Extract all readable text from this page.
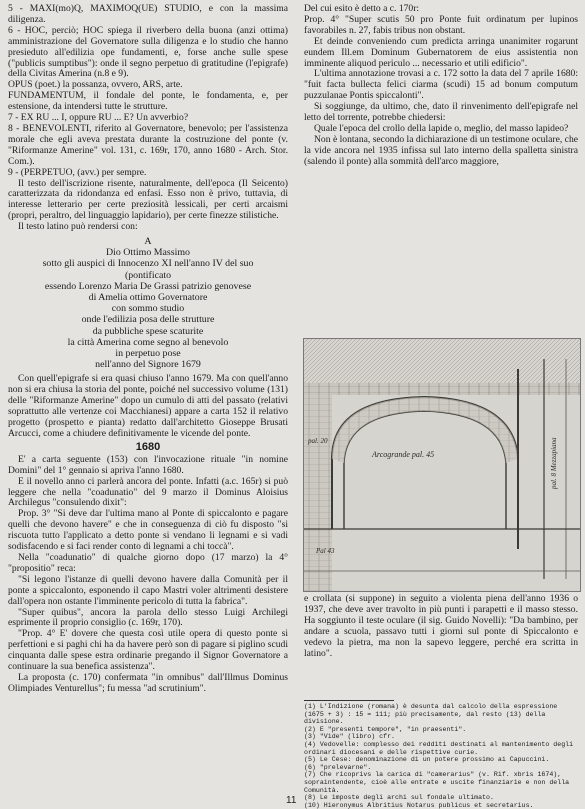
5 - MAXI(mo)Q, MAXIMOQ(UE) STUDIO, e con la massima diligenza.

6 - HOC, perciò; HOC spiega il riverbero della buona (anzi ottima) amministrazione del Governatore sulla diligenza e lo studio che hanno presieduto all'edilizia ope fundamenti, e, forse anche sulle spese ("publicis sumptibus"): onde il segno perpetuo di gratitudine (l'epigrafe) della Civitas Amerina (n.8 e 9).

OPUS (poet.) la possanza, ovvero, ARS, arte.

FUNDAMENTUM, il fondale del ponte, le fondamenta, e, per estensione, da intendersi tutte le strutture.

7 - EX RU ... I, oppure RU ... E? Un avverbio?

8 - BENEVOLENTI, riferito al Governatore, benevolo; per l'assistenza morale che egli aveva prestata durante la costruzione del ponte (v. "Riformanze Amerine" vol. 131, c. 169r, 170, anno 1680 - Arch. Stor. Com.).

9 - (PERPETUO, (avv.) per sempre.

Il testo dell'iscrizione risente, naturalmente, dell'epoca (Il Seicento) caratterizzata da ridondanza ed enfasi. Esso non è privo, tuttavia, di interesse letterario per certe preziosità lessicali, per certi arcaismi (propri, peraltro, del linguaggio lapidario), per certe finezze stilistiche.

Il testo latino può rendersi con:

A

Dio Ottimo Massimo

sotto gli auspici di Innocenzo XI nell'anno IV del suo

(pontificato

essendo Lorenzo Maria De Grassi patrizio genovese

di Amelia ottimo Governatore

con sommo studio

onde l'edilizia posa delle strutture

da pubbliche spese scaturite

la città Amerina come segno al benevolo

in perpetuo pose

nell'anno del Signore 1679

Con quell'epigrafe si era quasi chiuso l'anno 1679. Ma con quell'anno non si era chiusa la storia del ponte, poiché nel successivo volume (131) delle "Riformanze Amerine" dopo un cumulo di atti del passato (relativi soprattutto alle vertenze coi Macchianesi) appare a carta 152 il relativo progetto (prospetto e pianta) redatto dall'architetto Gioseppe Brusati Arcucci, come a chiudere definitivamente le vicende del ponte.

1680

E' a carta seguente (153) con l'invocazione rituale "in nomine Domini" del 1° gennaio si apriva l'anno 1680.

E il novello anno ci parlerà ancora del ponte. Infatti (a.c. 165r) si può leggere che nella "coadunatio" del 9 marzo il Dominus Aloisius Archilegus "consulendo dixit":

Prop. 3° "Si deve dar l'ultima mano al Ponte di spiccalonto e pagare quelli che devono havere" e che in conseguenza di ciò fu disposto "si riscuota tutto l'applicato a detto ponte si vendano li legnami e si vadi sodisfacendo e si faci render conto di legnami a chi toccà".

Nella "coadunatio" di qualche giorno dopo (17 marzo) la 4° "propositio" reca:

"Si legono l'istanze di quelli devono havere dalla Comunità per il ponte a spiccalonto, esponendo il capo Mastri voler altrimenti desistere dall'opera non ostante l'imminente pericolo di tutta la fabrica".

"Super quibus", ancora la parola dello stesso Luigi Archilegi esprimente il proprio consiglio (c. 169r, 170).

"Prop. 4° E' dovere che questa così utile opera di questo ponte si perfettioni e si paghi chi ha da havere però son di pagare si piglino scudi cinquanta dalle spese estra ordinarie pregando il Signor Governatore a continuare la sua benefica assistenza".

La proposta (c. 170) confermata "in omnibus" dall'Illmus Dominus Olimpiades Venturellus"; fu messa "ad scrutinium".

Del cui esito è detto a c. 170r:

Prop. 4° "Super scutis 50 pro Ponte fuit ordinatum per lupinos favorabiles n. 27, fabis tribus non obstant.

Et deinde conveniendo cum predicta arringa unanimiter rogarunt eundem Ill.em Dominum Gubernatorem de eius assistentia non imminente aliquod periculo ... necessario et utili edificio".

L'ultima annotazione trovasi a c. 172 sotto la data del 7 aprile 1680: "fuit facta bullecta felici ciarma (scudi) 15 ad bonum computum puzzulanae Pontis spiccalonti".

Si soggiunge, da ultimo, che, dato il rinvenimento dell'epigrafe nel letto del torrente, potrebbe chiedersi:

Quale l'epoca del crollo della lapide o, meglio, del masso lapideo?

Non è lontana, secondo la dichiarazione di un testimone oculare, che la vide ancora nel 1935 infissa sul lato interno della spalletta sinistra (salendo il ponte) alla sommità dell'arco maggiore,

Arcogrande pal. 45
pal. 20
Pal 43
pal. 8 Mezzapiana

e crollata (si suppone) in seguito a violenta piena dell'anno 1936 o 1937, che deve aver travolto in più punti i parapetti e il masso stesso. Ha soggiunto il teste oculare (il sig. Guido Novelli): "Da bambino, per andare a scuola, passavo tutti i giorni sul ponte di Spiccalonto e vedevo la pietra, ma non la sapevo leggere, perché era scritta in latino".

(1) L'Indizione (romana) è desunta dal calcolo della espressione (1675 + 3) : 15 = 111; più precisamente, dal resto (13) della divisione.

(2) E "presenti tempore", "in praesenti".

(3) "Vide" (libro) cfr.

(4) Vedovelle: complesso dei redditi destinati al mantenimento degli ordinari diocesani e delle rispettive curie.

(5) Le Cese: denominazione di un potere prossimo ai Capuccini.

(6) "prelevarne".

(7) Che ricoprivs la carica di "camerarius" (v. Rif. xbris 1674), sopraintendente, cioè alle entrate e uscite finanziarie e non della Comunità.

(8) Le imposte degli archi sul fondale ultimato.

(10) Hieronymus Albritius Notarus publicus et secretarius.

11
